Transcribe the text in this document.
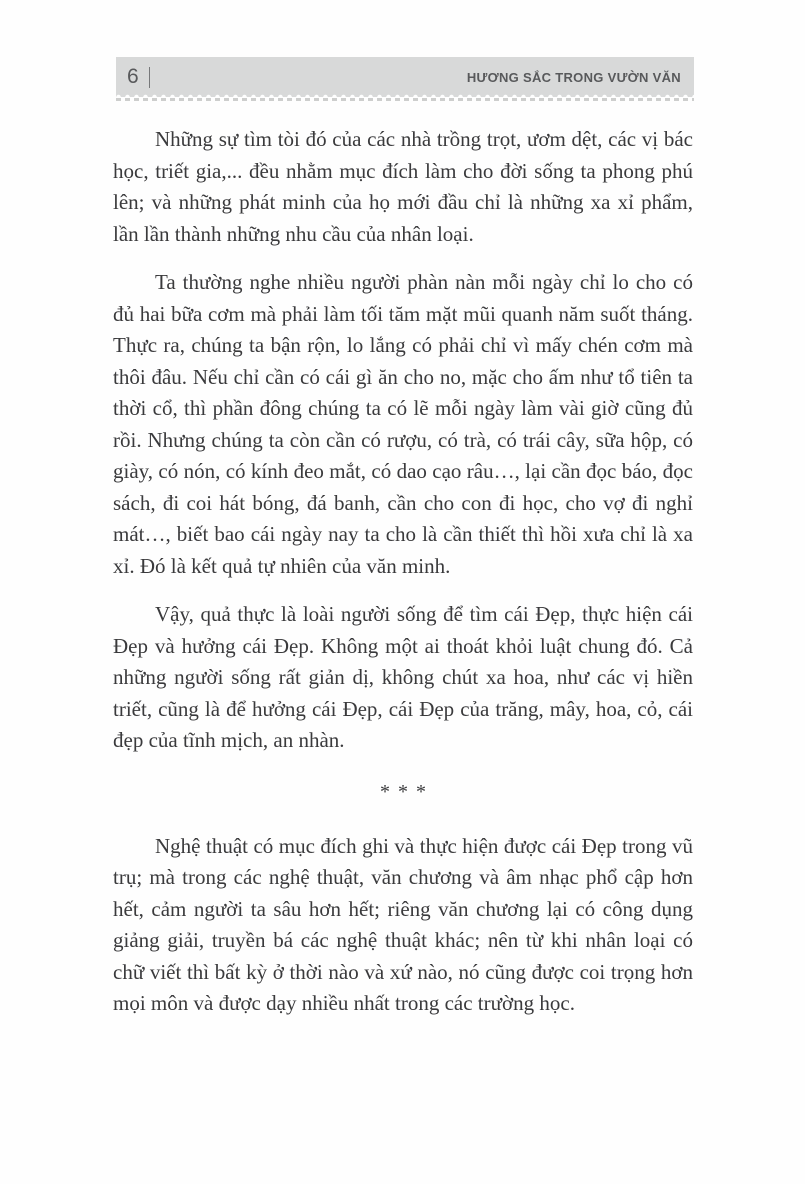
6	HƯƠNG SẮC TRONG VƯỜN VĂN

Những sự tìm tòi đó của các nhà trồng trọt, ươm dệt, các vị bác học, triết gia,... đều nhằm mục đích làm cho đời sống ta phong phú lên; và những phát minh của họ mới đầu chỉ là những xa xỉ phẩm, lần lần thành những nhu cầu của nhân loại.

Ta thường nghe nhiều người phàn nàn mỗi ngày chỉ lo cho có đủ hai bữa cơm mà phải làm tối tăm mặt mũi quanh năm suốt tháng. Thực ra, chúng ta bận rộn, lo lắng có phải chỉ vì mấy chén cơm mà thôi đâu. Nếu chỉ cần có cái gì ăn cho no, mặc cho ấm như tổ tiên ta thời cổ, thì phần đông chúng ta có lẽ mỗi ngày làm vài giờ cũng đủ rồi. Nhưng chúng ta còn cần có rượu, có trà, có trái cây, sữa hộp, có giày, có nón, có kính đeo mắt, có dao cạo râu…, lại cần đọc báo, đọc sách, đi coi hát bóng, đá banh, cần cho con đi học, cho vợ đi nghỉ mát…, biết bao cái ngày nay ta cho là cần thiết thì hồi xưa chỉ là xa xỉ. Đó là kết quả tự nhiên của văn minh.

Vậy, quả thực là loài người sống để tìm cái Đẹp, thực hiện cái Đẹp và hưởng cái Đẹp. Không một ai thoát khỏi luật chung đó. Cả những người sống rất giản dị, không chút xa hoa, như các vị hiền triết, cũng là để hưởng cái Đẹp, cái Đẹp của trăng, mây, hoa, cỏ, cái đẹp của tĩnh mịch, an nhàn.

***

Nghệ thuật có mục đích ghi và thực hiện được cái Đẹp trong vũ trụ; mà trong các nghệ thuật, văn chương và âm nhạc phổ cập hơn hết, cảm người ta sâu hơn hết; riêng văn chương lại có công dụng giảng giải, truyền bá các nghệ thuật khác; nên từ khi nhân loại có chữ viết thì bất kỳ ở thời nào và xứ nào, nó cũng được coi trọng hơn mọi môn và được dạy nhiều nhất trong các trường học.
